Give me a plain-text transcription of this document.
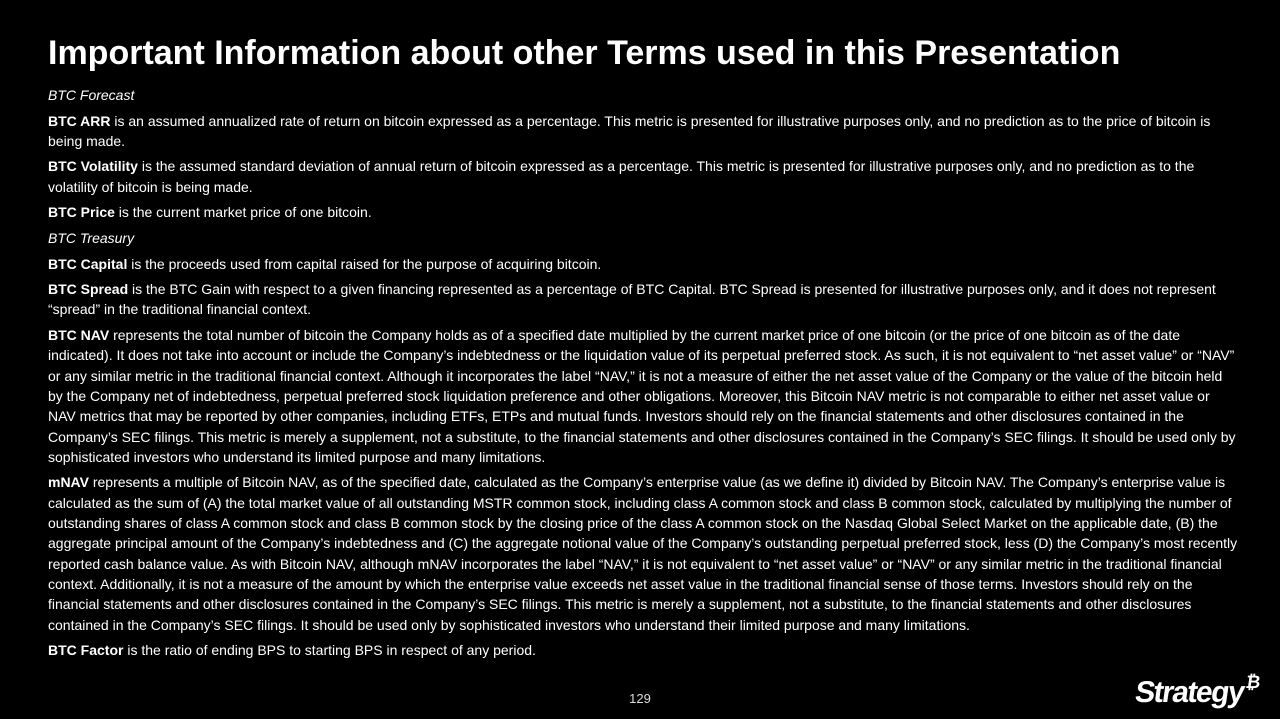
Important Information about other Terms used in this Presentation

BTC Forecast

BTC ARR is an assumed annualized rate of return on bitcoin expressed as a percentage. This metric is presented for illustrative purposes only, and no prediction as to the price of bitcoin is being made.

BTC Volatility is the assumed standard deviation of annual return of bitcoin expressed as a percentage. This metric is presented for illustrative purposes only, and no prediction as to the volatility of bitcoin is being made.

BTC Price is the current market price of one bitcoin.

BTC Treasury

BTC Capital is the proceeds used from capital raised for the purpose of acquiring bitcoin.

BTC Spread is the BTC Gain with respect to a given financing represented as a percentage of BTC Capital. BTC Spread is presented for illustrative purposes only, and it does not represent “spread” in the traditional financial context.

BTC NAV represents the total number of bitcoin the Company holds as of a specified date multiplied by the current market price of one bitcoin (or the price of one bitcoin as of the date indicated). It does not take into account or include the Company’s indebtedness or the liquidation value of its perpetual preferred stock. As such, it is not equivalent to “net asset value” or “NAV” or any similar metric in the traditional financial context. Although it incorporates the label “NAV,” it is not a measure of either the net asset value of the Company or the value of the bitcoin held by the Company net of indebtedness, perpetual preferred stock liquidation preference and other obligations. Moreover, this Bitcoin NAV metric is not comparable to either net asset value or NAV metrics that may be reported by other companies, including ETFs, ETPs and mutual funds. Investors should rely on the financial statements and other disclosures contained in the Company’s SEC filings. This metric is merely a supplement, not a substitute, to the financial statements and other disclosures contained in the Company’s SEC filings. It should be used only by sophisticated investors who understand its limited purpose and many limitations.

mNAV represents a multiple of Bitcoin NAV, as of the specified date, calculated as the Company’s enterprise value (as we define it) divided by Bitcoin NAV. The Company’s enterprise value is calculated as the sum of (A) the total market value of all outstanding MSTR common stock, including class A common stock and class B common stock, calculated by multiplying the number of outstanding shares of class A common stock and class B common stock by the closing price of the class A common stock on the Nasdaq Global Select Market on the applicable date, (B) the aggregate principal amount of the Company’s indebtedness and (C) the aggregate notional value of the Company’s outstanding perpetual preferred stock, less (D) the Company’s most recently reported cash balance value. As with Bitcoin NAV, although mNAV incorporates the label “NAV,” it is not equivalent to “net asset value” or “NAV” or any similar metric in the traditional financial context. Additionally, it is not a measure of the amount by which the enterprise value exceeds net asset value in the traditional financial sense of those terms. Investors should rely on the financial statements and other disclosures contained in the Company’s SEC filings. This metric is merely a supplement, not a substitute, to the financial statements and other disclosures contained in the Company’s SEC filings. It should be used only by sophisticated investors who understand their limited purpose and many limitations.

BTC Factor is the ratio of ending BPS to starting BPS in respect of any period.

129	Strategy₿
